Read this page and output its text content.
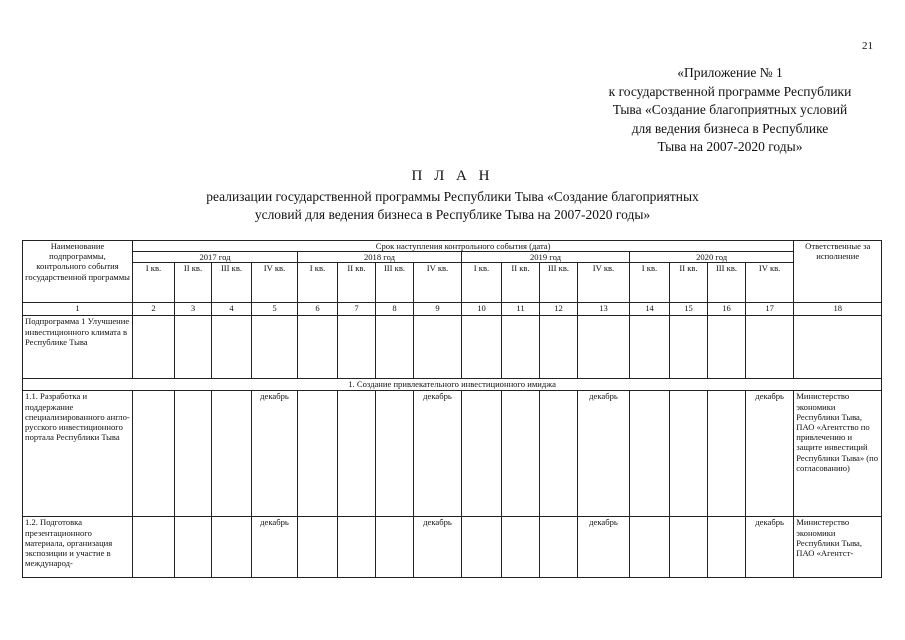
21
«Приложение № 1
к государственной программе Республики
Тыва «Создание благоприятных условий
для ведения бизнеса в Республике
Тыва на 2007-2020 годы»
П Л А Н
реализации государственной программы Республики Тыва «Создание благоприятных
условий для ведения бизнеса в Республике Тыва на 2007-2020 годы»
Наименование подпрограммы, контрольного события государственной программы	Срок наступления контрольного события (дата)																Ответственные за исполнение
	2017 год				2018 год				2019 год				2020 год				
	I кв.	II кв.	III кв.	IV кв.	I кв.	II кв.	III кв.	IV кв.	I кв.	II кв.	III кв.	IV кв.	I кв.	II кв.	III кв.	IV кв.	
1	2	3	4	5	6	7	8	9	10	11	12	13	14	15	16	17	18
Подпрограмма 1 Улучшение инвестиционного климата в Республике Тыва																	
1. Создание привлекательного инвестиционного имиджа																	
1.1. Разработка и поддержание специализированного англо-русского инвестиционного портала Республики Тыва				декабрь				декабрь				декабрь				декабрь	Министерство экономики Республики Тыва, ПАО «Агентство по привлечению и защите инвестиций Республики Тыва» (по согласованию)
1.2. Подготовка презентационного материала, организация экспозиции и участие в международ-				декабрь				декабрь				декабрь				декабрь	Министерство экономики Республики Тыва, ПАО «Агентст-
